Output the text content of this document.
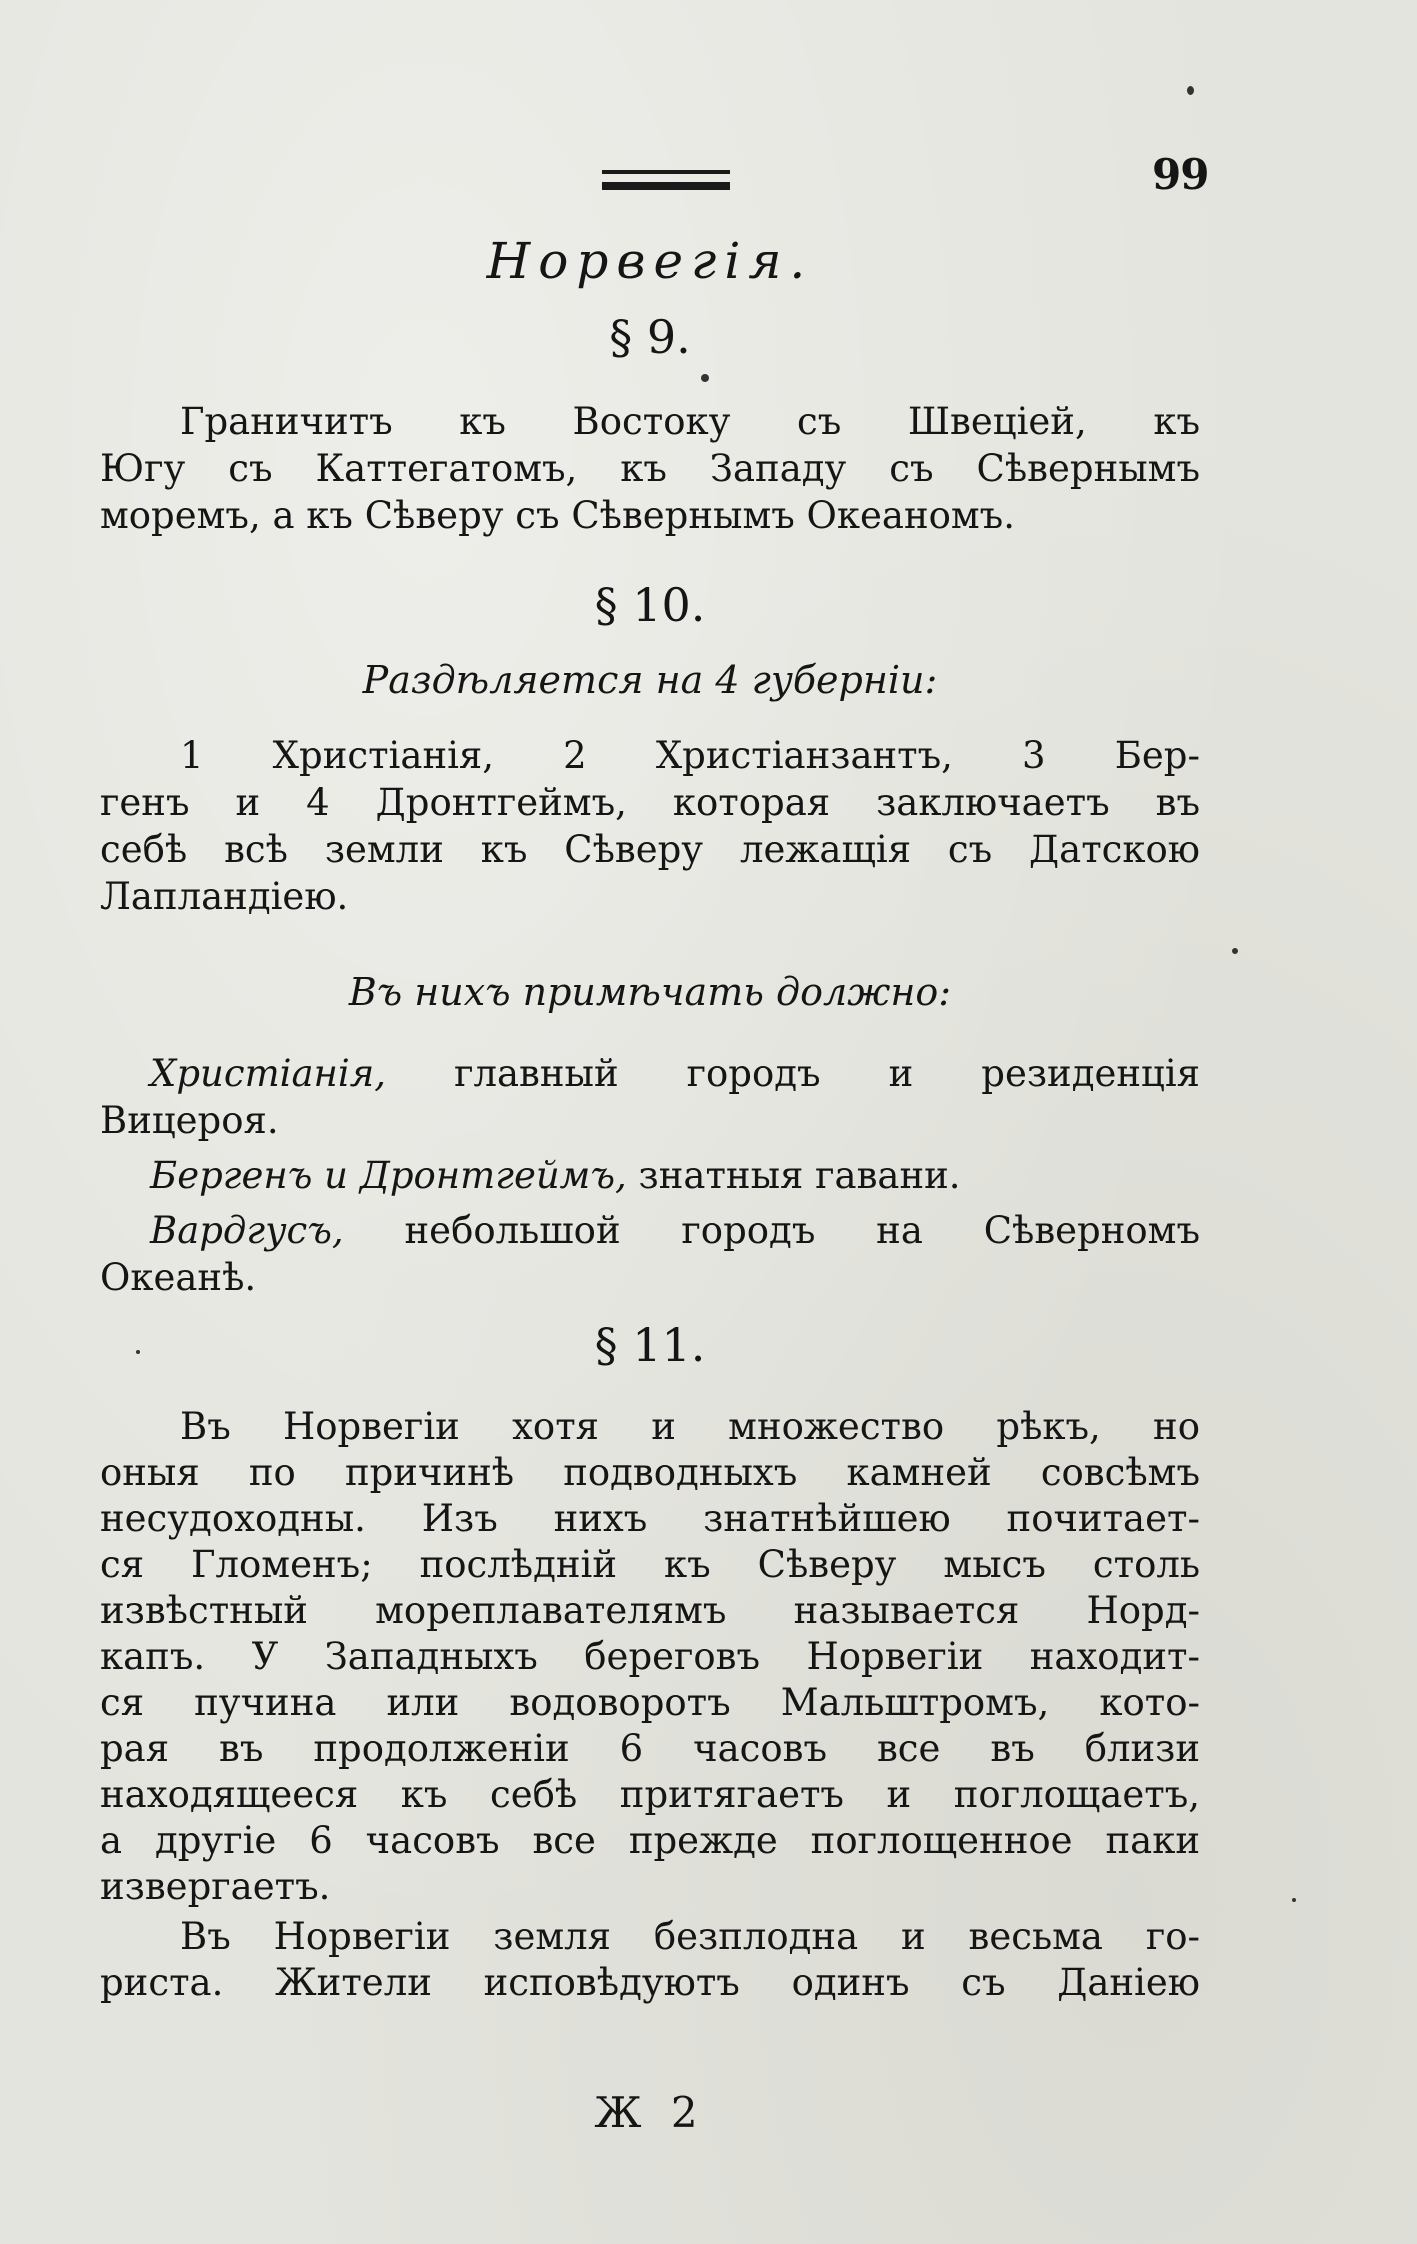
99
Норвегія.
§ 9.
Граничитъ къ Востоку съ Швеціей, къ
Югу съ Каттегатомъ, къ Западу съ Сѣвернымъ
моремъ, а къ Сѣверу съ Сѣвернымъ Океаномъ.
§ 10.
Раздѣляется на 4 губерніи:
1 Христіанія, 2 Христіанзантъ, 3 Бер-
генъ и 4 Дронтгеймъ, которая заключаетъ въ
себѣ всѣ земли къ Сѣверу лежащія съ Датскою
Лапландіею.
Въ нихъ примѣчать должно:
Христіанія, главный городъ и резиденція
Вицероя.
Бергенъ и Дронтгеймъ, знатныя гавани.
Вардгусъ, небольшой городъ на Сѣверномъ
Океанѣ.
§ 11.
Въ Норвегіи хотя и множество рѣкъ, но
оныя по причинѣ подводныхъ камней совсѣмъ
несудоходны. Изъ нихъ знатнѣйшею почитает-
ся Гломенъ; послѣдній къ Сѣверу мысъ столь
извѣстный мореплавателямъ называется Норд-
капъ. У Западныхъ береговъ Норвегіи находит-
ся пучина или водоворотъ Мальштромъ, кото-
рая въ продолженіи 6 часовъ все въ близи
находящееся къ себѣ притягаетъ и поглощаетъ,
а другіе 6 часовъ все прежде поглощенное паки
извергаетъ.
Въ Норвегіи земля безплодна и весьма го-
риста. Жители исповѣдуютъ одинъ съ Даніею
Ж 2
